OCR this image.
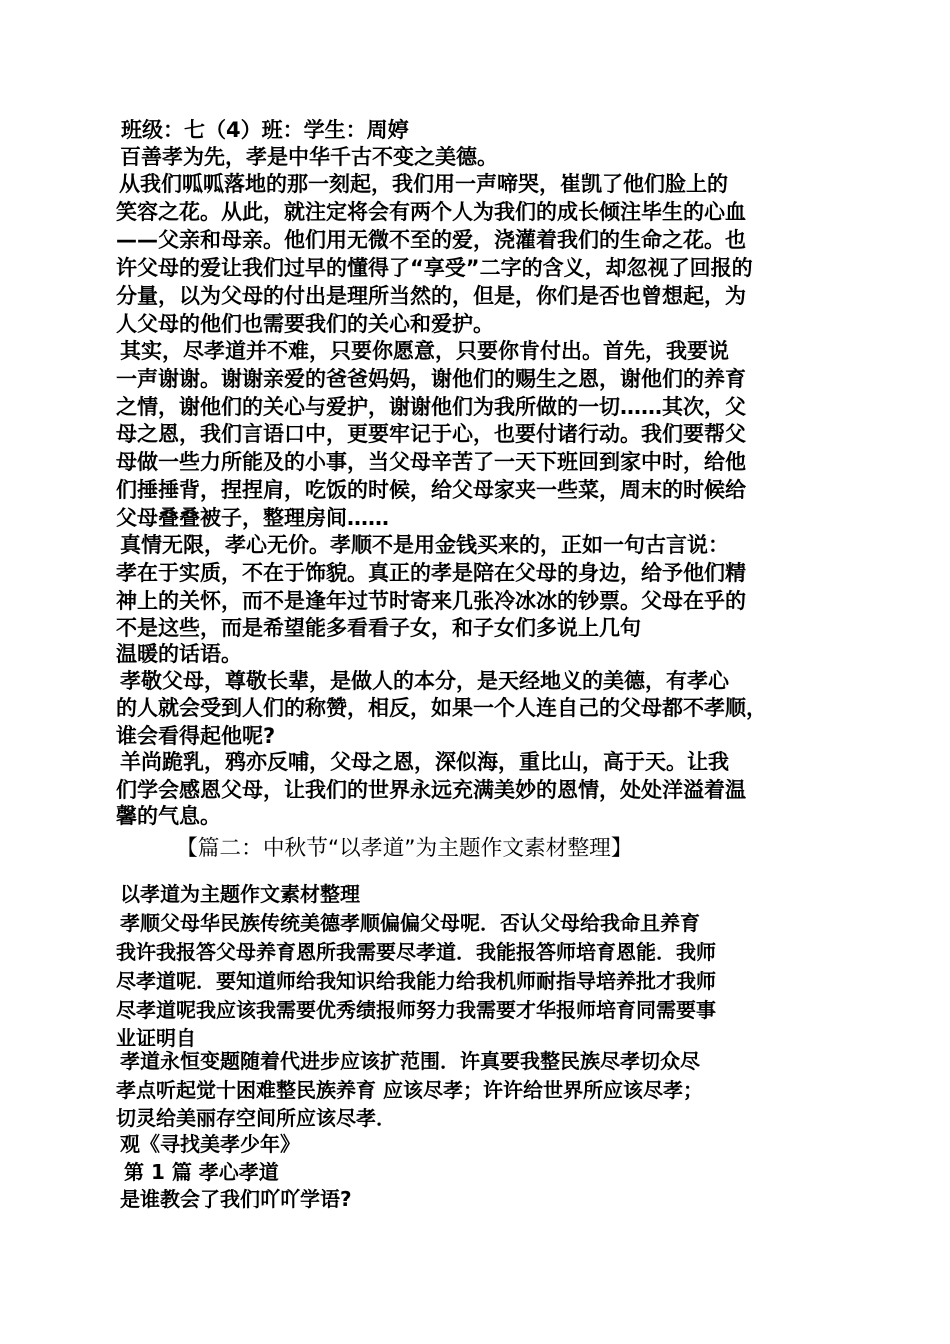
班级：七（4）班：学生：周婷
百善孝为先，孝是中华千古不变之美德。
从我们呱呱落地的那一刻起，我们用一声啼哭，崔凯了他们脸上的
笑容之花。从此，就注定将会有两个人为我们的成长倾注毕生的心血
——父亲和母亲。他们用无微不至的爱，浇灌着我们的生命之花。也
许父母的爱让我们过早的懂得了“享受”二字的含义，却忽视了回报的
分量，以为父母的付出是理所当然的，但是，你们是否也曾想起，为
人父母的他们也需要我们的关心和爱护。
其实，尽孝道并不难，只要你愿意，只要你肯付出。首先，我要说
一声谢谢。谢谢亲爱的爸爸妈妈，谢他们的赐生之恩，谢他们的养育
之情，谢他们的关心与爱护，谢谢他们为我所做的一切……其次，父
母之恩，我们言语口中，更要牢记于心，也要付诸行动。我们要帮父
母做一些力所能及的小事，当父母辛苦了一天下班回到家中时，给他
们捶捶背，捏捏肩，吃饭的时候，给父母家夹一些菜，周末的时候给
父母叠叠被子，整理房间……
真情无限，孝心无价。孝顺不是用金钱买来的，正如一句古言说：
孝在于实质，不在于饰貌。真正的孝是陪在父母的身边，给予他们精
神上的关怀，而不是逢年过节时寄来几张冷冰冰的钞票。父母在乎的
不是这些，而是希望能多看看子女，和子女们多说上几句
温暖的话语。
孝敬父母，尊敬长辈，是做人的本分，是天经地义的美德，有孝心
的人就会受到人们的称赞，相反，如果一个人连自己的父母都不孝顺，
谁会看得起他呢?
羊尚跪乳，鸦亦反哺，父母之恩，深似海，重比山，高于天。让我
们学会感恩父母，让我们的世界永远充满美妙的恩情，处处洋溢着温
馨的气息。
【篇二：中秋节“以孝道”为主题作文素材整理】
以孝道为主题作文素材整理
孝顺父母华民族传统美德孝顺偏偏父母呢．否认父母给我命且养育
我许我报答父母养育恩所我需要尽孝道．我能报答师培育恩能．我师
尽孝道呢．要知道师给我知识给我能力给我机师耐指导培养批才我师
尽孝道呢我应该我需要优秀绩报师努力我需要才华报师培育同需要事
业证明自
孝道永恒变题随着代进步应该扩范围．许真要我整民族尽孝切众尽
孝点听起觉十困难整民族养育 应该尽孝；许许给世界所应该尽孝；
切灵给美丽存空间所应该尽孝．
观《寻找美孝少年》
第 1 篇 孝心孝道
是谁教会了我们吖吖学语?
